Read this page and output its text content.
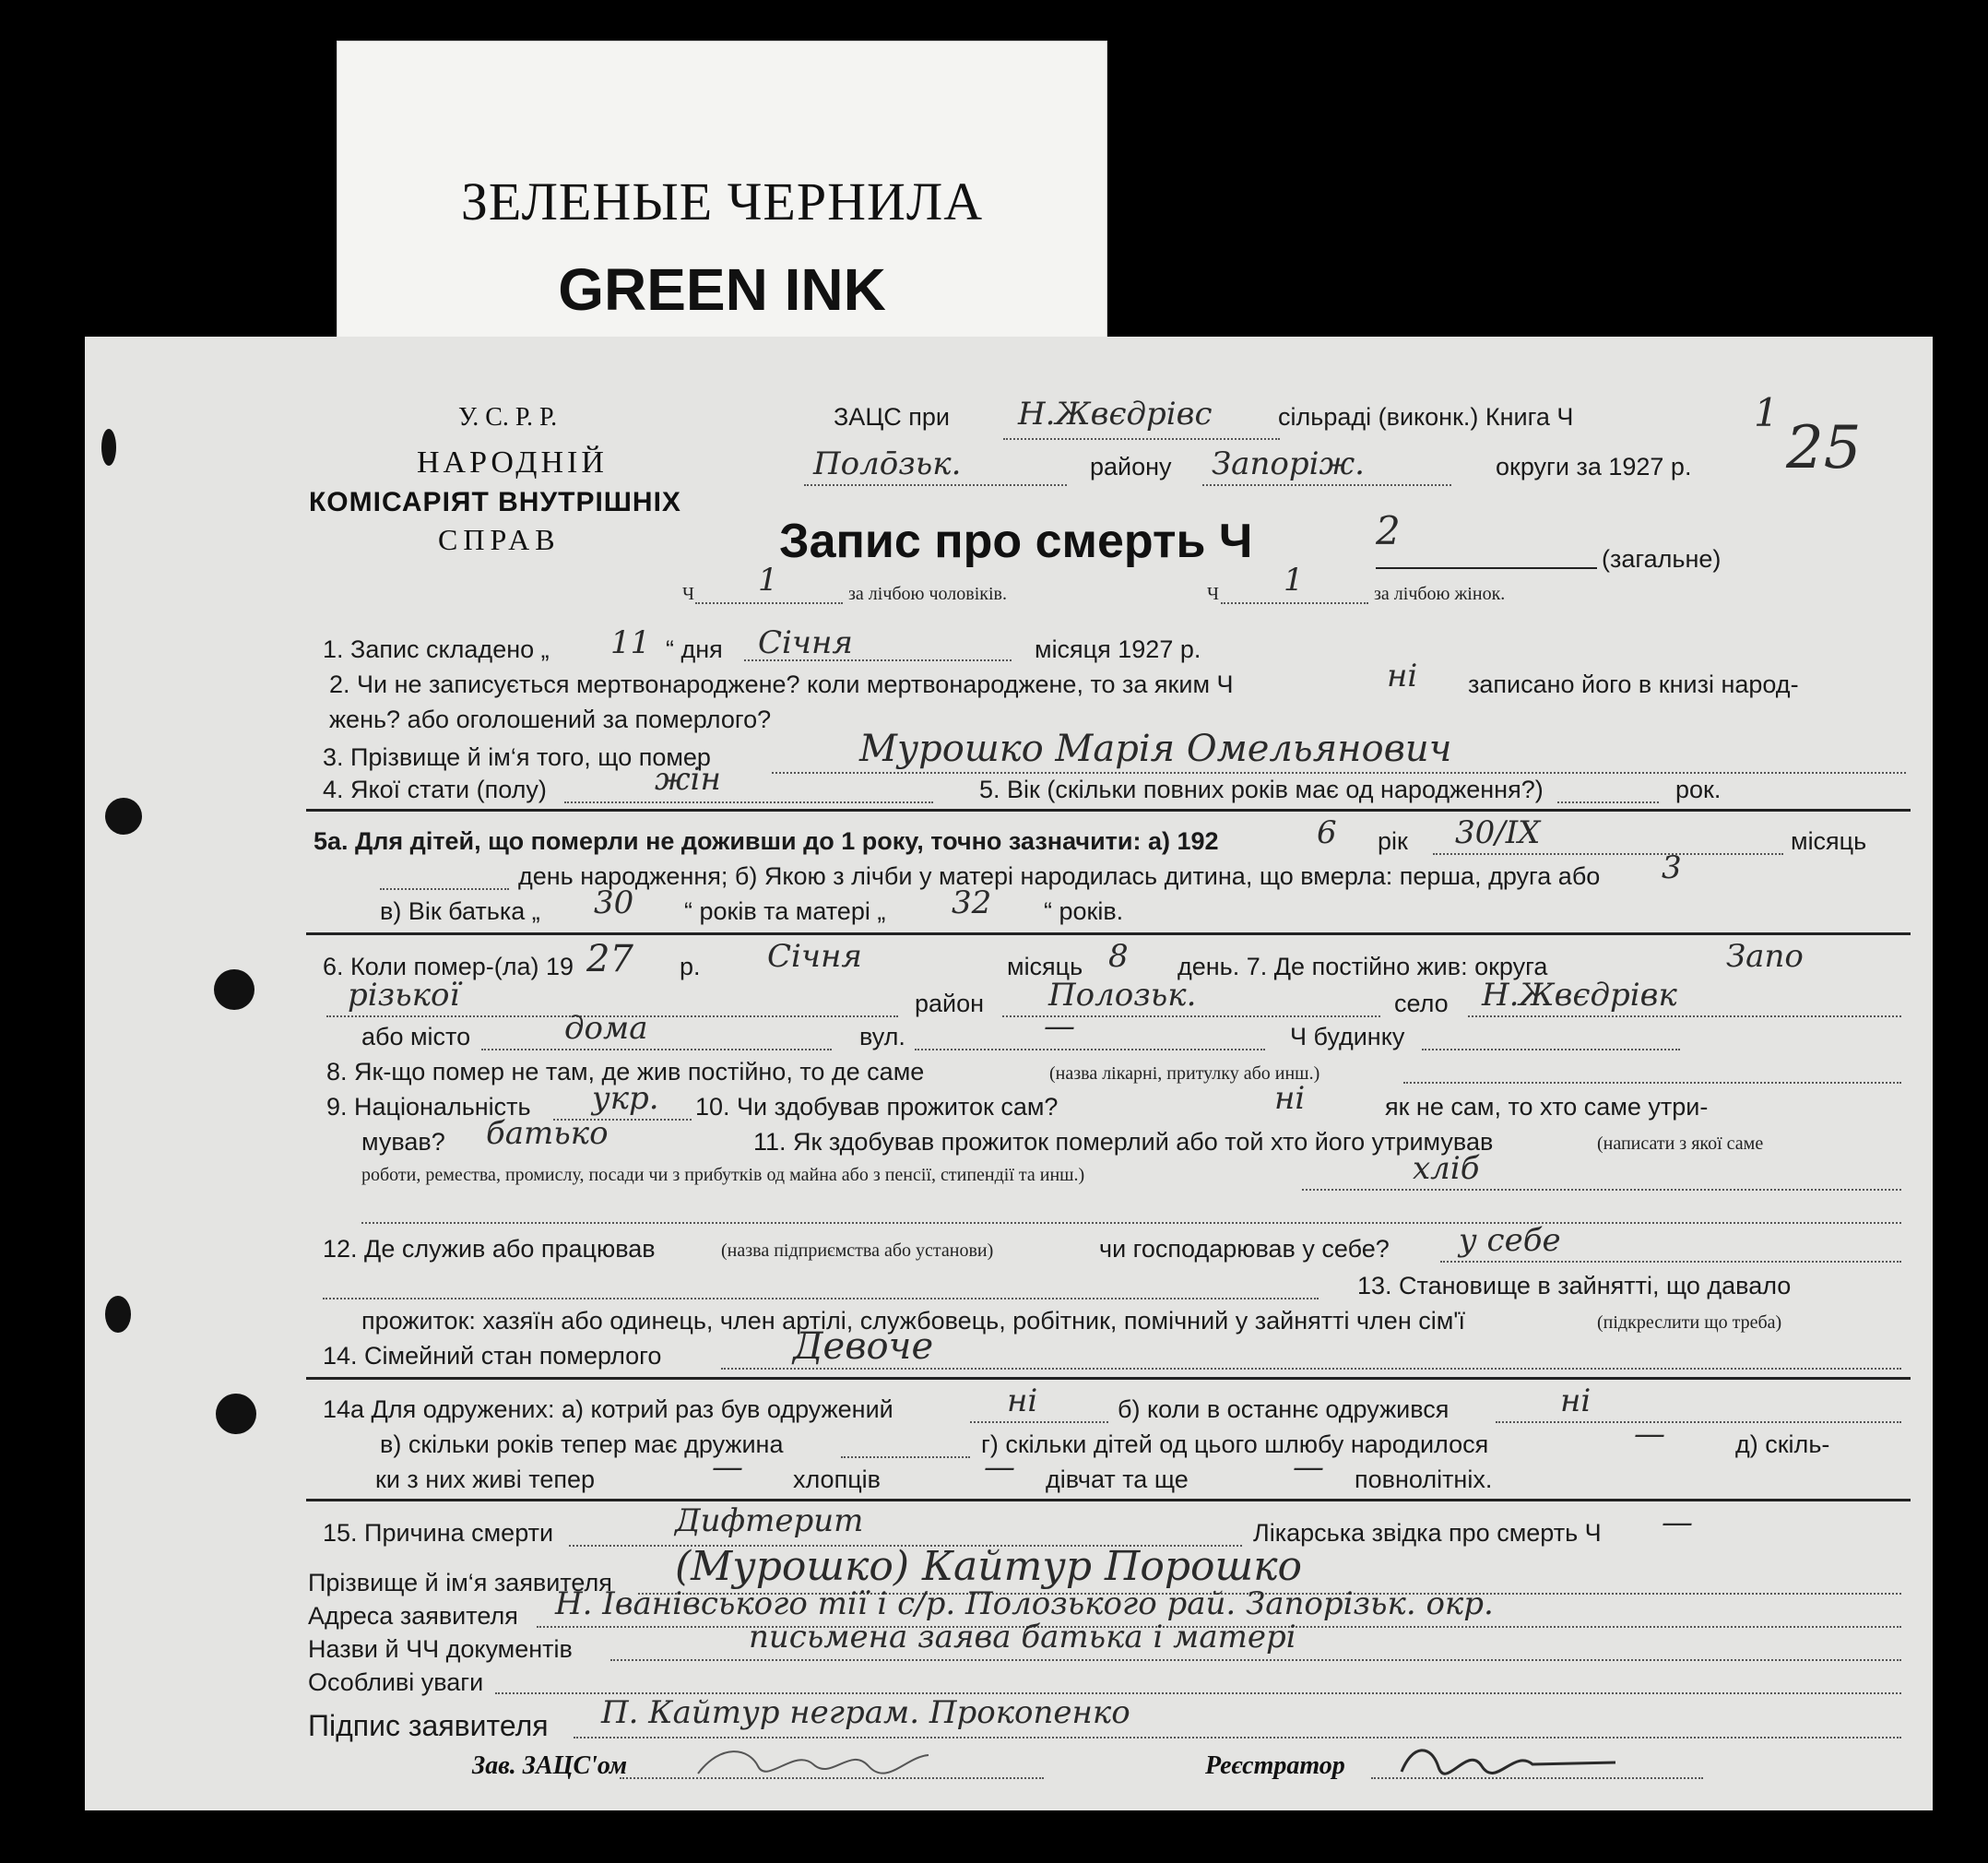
ЗЕЛЕНЫЕ ЧЕРНИЛА
GREEN INK
У. С. Р. Р.
НАРОДНІЙ
КОМІСАРІЯТ ВНУТРІШНІХ
СПРАВ
ЗАЦС при Н.Жвєдрівс	сільраді (виконк.) Книга Ч	1
25
Поло̄зьк.	району Запоріж.	округи за 1927 р.
Запис про смерть Ч	2
(загальне)
Ч 1	за лічбою чоловіків.	Ч 1	за лічбою жінок.
1. Запис складено „ 11 “ дня Січня	місяця 1927 р.
2. Чи не записується мертвонароджене? коли мертвонароджене, то за яким Ч	ні записано його в книзі народ-
жень? або оголошений за померлого?
3. Прізвище й ім‘я того, що помер	Мурошко Марія Омельянович
4. Якої стати (полу)	жін	5. Вік (скільки повних років має од народження?)	рок.
5а. Для дітей, що померли не доживши до 1 року, точно зазначити: а) 192	6 рік 30/IX	місяць
день народження; б) Якою з лічби у матері народилась дитина, що вмерла: перша, друга або 3
в) Вік батька „ 30 “ років та матері „ 32 “ років.
6. Коли помер-(ла) 19 27 р. Січня	місяць 8 день. 7. Де постійно жив: округа	Запо
різької	район Полозьк.	село Н.Жвєдрівк
або місто	дома	вул.	—	Ч будинку
8. Як-що помер не там, де жив постійно, то де саме	(назва лікарні, притулку або инш.)
9. Національність укр. 10. Чи здобував прожиток сам?	ні	як не сам, то хто саме утри-
мував? батько	11. Як здобував прожиток померлий або той хто його утримував	(написати з якої саме
роботи, ремества, промислу, посади чи з прибутків од майна або з пенсії, стипендії та инш.)	хліб
12. Де служив або працював	(назва підприємства або установи)	чи господарював у себе? у себе
13. Становище в зайнятті, що давало
прожиток: хазяїн або одинець, член артілі, службовець, робітник, помічний у зайнятті член сім'ї	(підкреслити що треба)
14. Сімейний стан померлого	Девоче
14а Для одружених: а) котрий раз був одружений	ні	б) коли в останнє одружився	ні
в) скільки років тепер має дружина	г) скільки дітей од цього шлюбу народилося	—	д) скіль-
ки з них живі тепер	— хлопців	— дівчат та ще	— повнолітніх.
15. Причина смерти	Дифтерит	Лікарська звідка про смерть Ч —
Прізвище й ім‘я заявителя (Мурошко) Кайтур Порошко
Адреса заявителя Н. Іванівського тії і с/р. Полозького рай. Запорізьк. окр.
Назви й ЧЧ документів	письмена заява батька і матері
Особливі уваги
Підпис заявителя П. Кайтур неграм. Прокопенко
Зав. ЗАЦС'ом	Реєстратор
